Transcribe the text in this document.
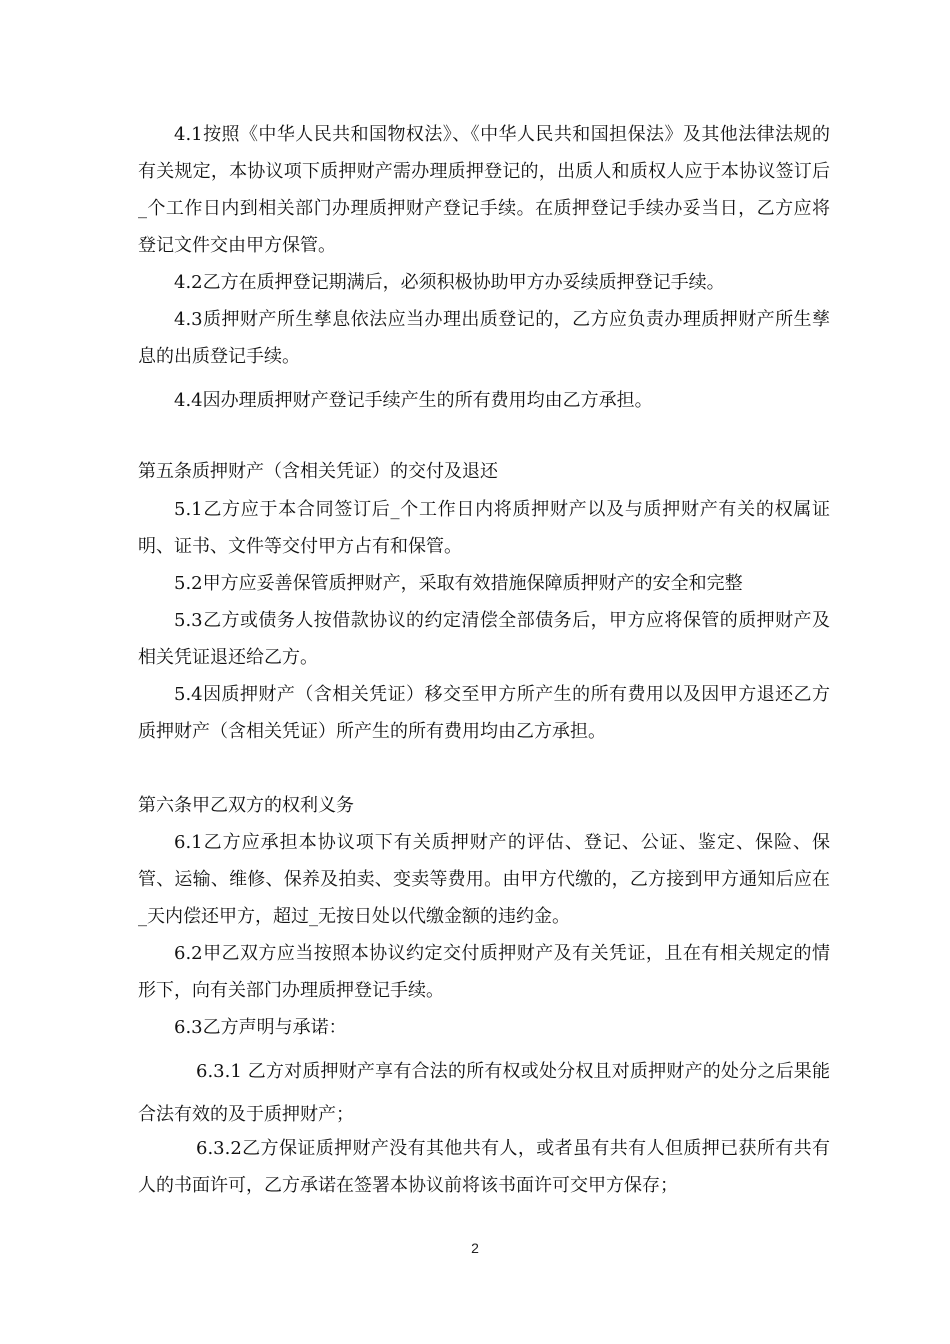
4.1按照《中华人民共和国物权法》、《中华人民共和国担保法》及其他法律法规的有关规定，本协议项下质押财产需办理质押登记的，出质人和质权人应于本协议签订后_个工作日内到相关部门办理质押财产登记手续。在质押登记手续办妥当日，乙方应将登记文件交由甲方保管。

4.2乙方在质押登记期满后，必须积极协助甲方办妥续质押登记手续。

4.3质押财产所生孳息依法应当办理出质登记的，乙方应负责办理质押财产所生孳息的出质登记手续。

4.4因办理质押财产登记手续产生的所有费用均由乙方承担。

第五条质押财产（含相关凭证）的交付及退还

5.1乙方应于本合同签订后_个工作日内将质押财产以及与质押财产有关的权属证明、证书、文件等交付甲方占有和保管。

5.2甲方应妥善保管质押财产，采取有效措施保障质押财产的安全和完整

5.3乙方或债务人按借款协议的约定清偿全部债务后，甲方应将保管的质押财产及相关凭证退还给乙方。

5.4因质押财产（含相关凭证）移交至甲方所产生的所有费用以及因甲方退还乙方质押财产（含相关凭证）所产生的所有费用均由乙方承担。

第六条甲乙双方的权利义务

6.1乙方应承担本协议项下有关质押财产的评估、登记、公证、鉴定、保险、保管、运输、维修、保养及拍卖、变卖等费用。由甲方代缴的，乙方接到甲方通知后应在_天内偿还甲方，超过_无按日处以代缴金额的违约金。

6.2甲乙双方应当按照本协议约定交付质押财产及有关凭证，且在有相关规定的情形下，向有关部门办理质押登记手续。

6.3乙方声明与承诺：

6.3.1 乙方对质押财产享有合法的所有权或处分权且对质押财产的处分之后果能合法有效的及于质押财产；

6.3.2乙方保证质押财产没有其他共有人，或者虽有共有人但质押已获所有共有人的书面许可，乙方承诺在签署本协议前将该书面许可交甲方保存；

2
